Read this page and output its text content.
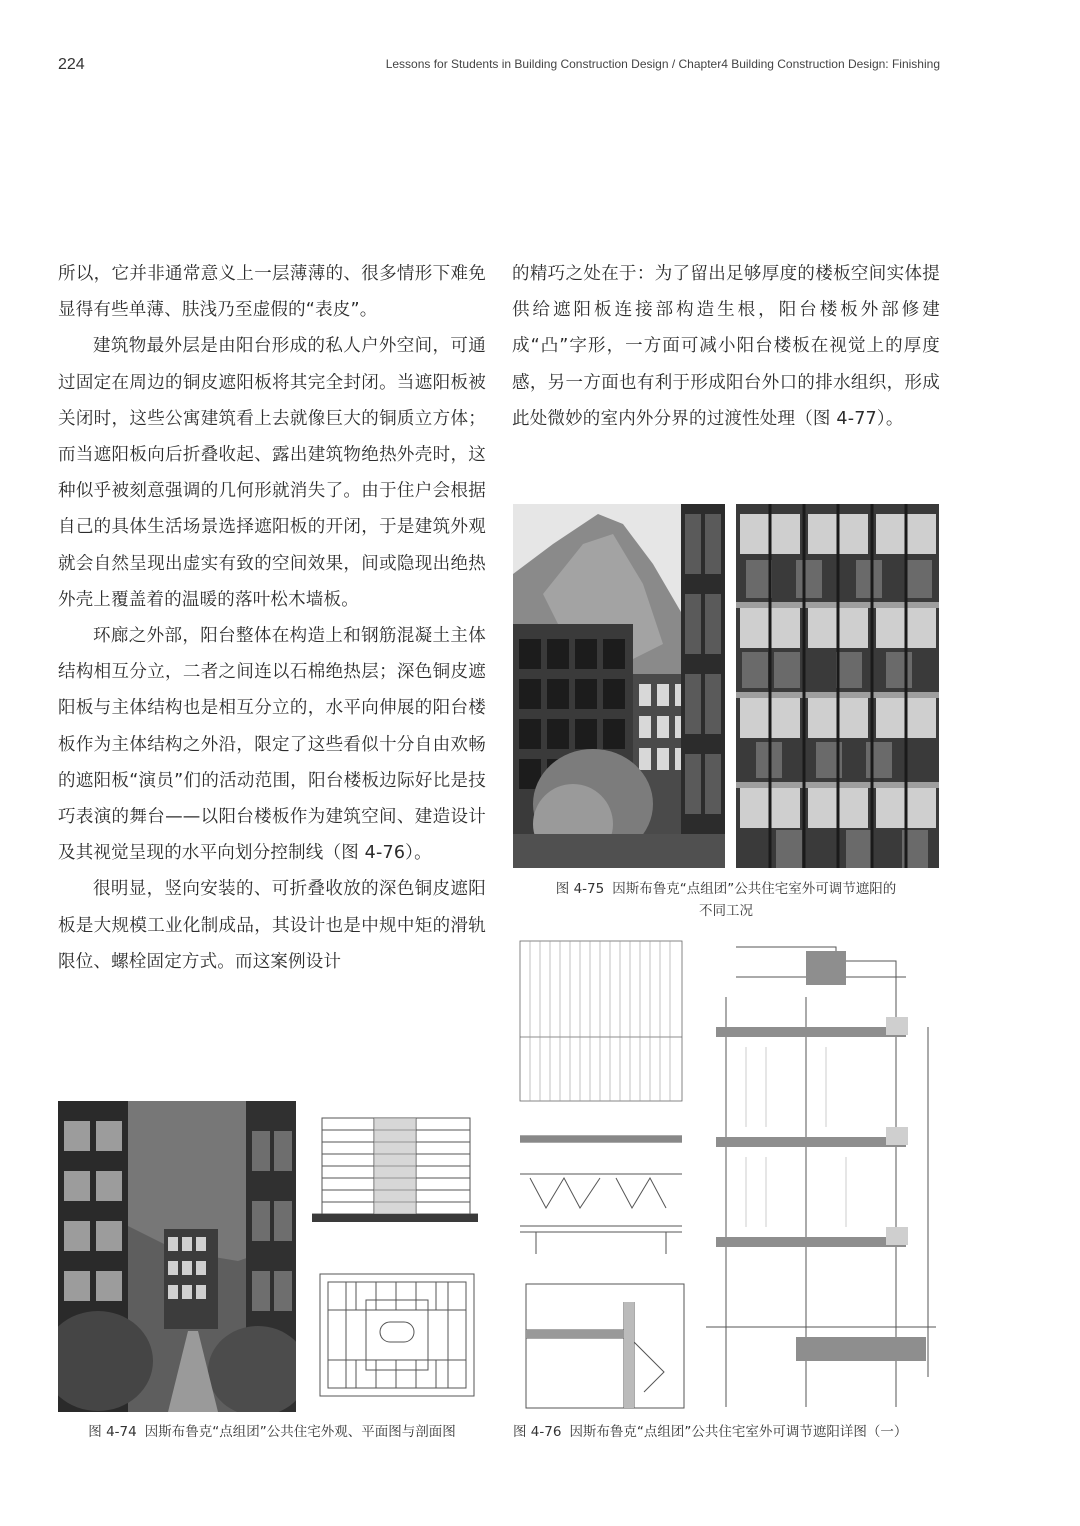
224	Lessons for Students in Building Construction Design / Chapter4 Building Construction Design: Finishing

所以，它并非通常意义上一层薄薄的、很多情形下难免显得有些单薄、肤浅乃至虚假的“表皮”。

建筑物最外层是由阳台形成的私人户外空间，可通过固定在周边的铜皮遮阳板将其完全封闭。当遮阳板被关闭时，这些公寓建筑看上去就像巨大的铜质立方体；而当遮阳板向后折叠收起、露出建筑物绝热外壳时，这种似乎被刻意强调的几何形就消失了。由于住户会根据自己的具体生活场景选择遮阳板的开闭，于是建筑外观就会自然呈现出虚实有致的空间效果，间或隐现出绝热外壳上覆盖着的温暖的落叶松木墙板。

环廊之外部，阳台整体在构造上和钢筋混凝土主体结构相互分立，二者之间连以石棉绝热层；深色铜皮遮阳板与主体结构也是相互分立的，水平向伸展的阳台楼板作为主体结构之外沿，限定了这些看似十分自由欢畅的遮阳板“演员”们的活动范围，阳台楼板边际好比是技巧表演的舞台——以阳台楼板作为建筑空间、建造设计及其视觉呈现的水平向划分控制线（图 4-76）。

很明显，竖向安装的、可折叠收放的深色铜皮遮阳板是大规模工业化制成品，其设计也是中规中矩的滑轨限位、螺栓固定方式。而这案例设计

的精巧之处在于：为了留出足够厚度的楼板空间实体提供给遮阳板连接部构造生根，阳台楼板外部修建成“凸”字形，一方面可减小阳台楼板在视觉上的厚度感，另一方面也有利于形成阳台外口的排水组织，形成此处微妙的室内外分界的过渡性处理（图 4-77）。

图 4-75 因斯布鲁克“点组团”公共住宅室外可调节遮阳的
不同工况
图 4-74 因斯布鲁克“点组团”公共住宅外观、平面图与剖面图	图 4-76 因斯布鲁克“点组团”公共住宅室外可调节遮阳详图（一）
